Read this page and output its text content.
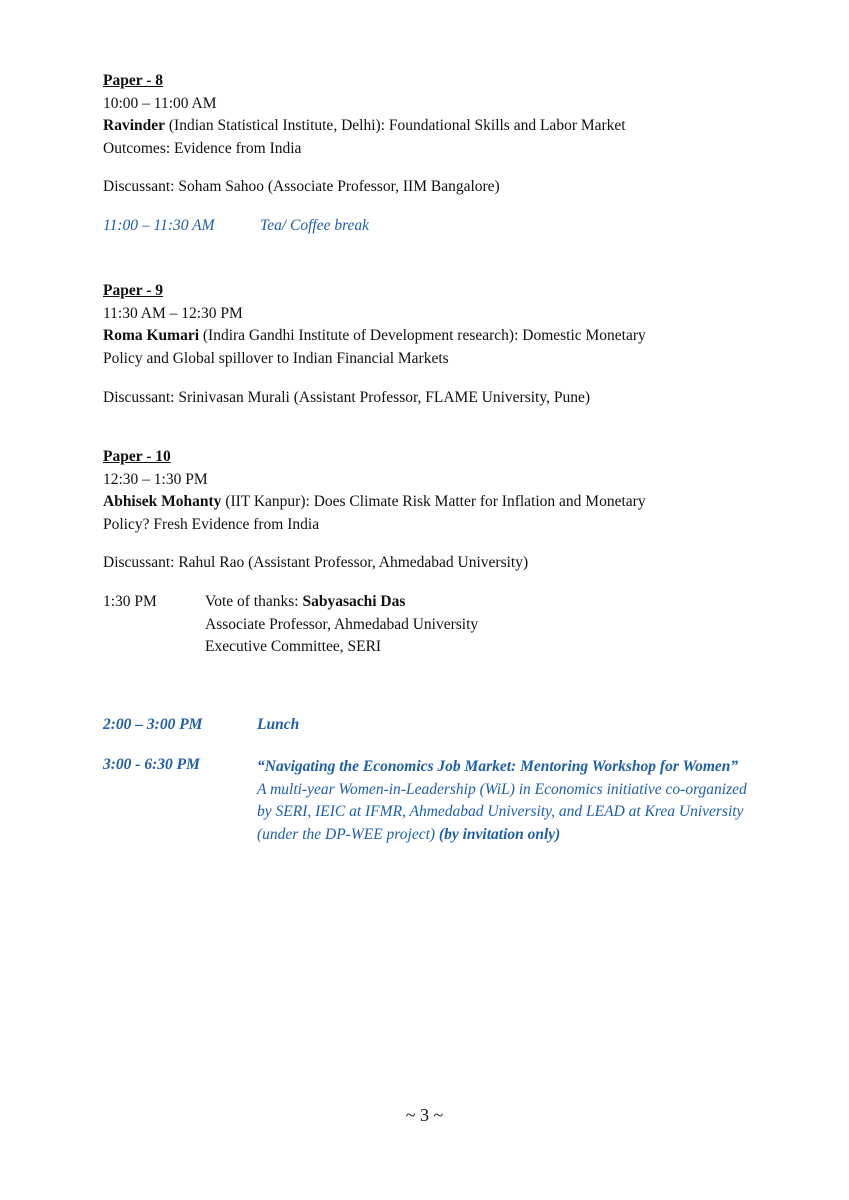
Paper - 8
10:00 – 11:00 AM
Ravinder (Indian Statistical Institute, Delhi): Foundational Skills and Labor Market
Outcomes: Evidence from India
Discussant: Soham Sahoo (Associate Professor, IIM Bangalore)
11:00 – 11:30 AM	Tea/ Coffee break
Paper - 9
11:30 AM – 12:30 PM
Roma Kumari (Indira Gandhi Institute of Development research): Domestic Monetary
Policy and Global spillover to Indian Financial Markets
Discussant: Srinivasan Murali (Assistant Professor, FLAME University, Pune)
Paper - 10
12:30 – 1:30 PM
Abhisek Mohanty (IIT Kanpur): Does Climate Risk Matter for Inflation and Monetary
Policy? Fresh Evidence from India
Discussant: Rahul Rao (Assistant Professor, Ahmedabad University)
1:30 PM	Vote of thanks: Sabyasachi Das
Associate Professor, Ahmedabad University
Executive Committee, SERI
2:00 – 3:00 PM	Lunch
3:00 - 6:30 PM	“Navigating the Economics Job Market: Mentoring Workshop for Women” A multi-year Women-in-Leadership (WiL) in Economics initiative co-organized by SERI, IEIC at IFMR, Ahmedabad University, and LEAD at Krea University (under the DP-WEE project) (by invitation only)
~ 3 ~
